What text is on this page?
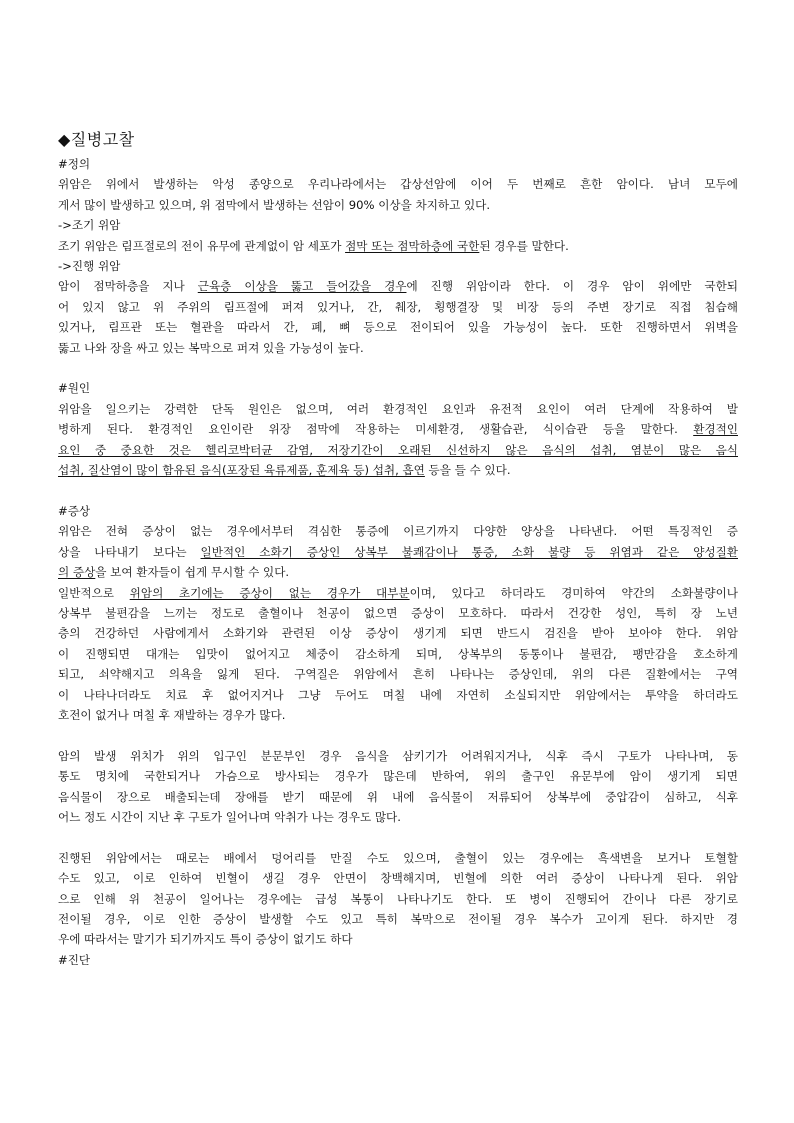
◆질병고찰
#정의
위암은 위에서 발생하는 악성 종양으로 우리나라에서는 갑상선암에 이어 두 번째로 흔한 암이다. 남녀 모두에
게서 많이 발생하고 있으며, 위 점막에서 발생하는 선암이 90% 이상을 차지하고 있다.
->조기 위암
조기 위암은 림프절로의 전이 유무에 관계없이 암 세포가 점막 또는 점막하층에 국한된 경우를 말한다.
->진행 위암
암이 점막하층을 지나 근육층 이상을 뚫고 들어갔을 경우에 진행 위암이라 한다. 이 경우 암이 위에만 국한되
어 있지 않고 위 주위의 림프절에 퍼져 있거나, 간, 췌장, 횡행결장 및 비장 등의 주변 장기로 직접 침습해
있거나, 림프관 또는 혈관을 따라서 간, 폐, 뼈 등으로 전이되어 있을 가능성이 높다. 또한 진행하면서 위벽을
뚫고 나와 장을 싸고 있는 복막으로 퍼져 있을 가능성이 높다.
#원인
위암을 일으키는 강력한 단독 원인은 없으며, 여러 환경적인 요인과 유전적 요인이 여러 단계에 작용하여 발
병하게 된다. 환경적인 요인이란 위장 점막에 작용하는 미세환경, 생활습관, 식이습관 등을 말한다. 환경적인
요인 중 중요한 것은 헬리코박터균 감염, 저장기간이 오래된 신선하지 않은 음식의 섭취, 염분이 많은 음식
섭취, 질산염이 많이 함유된 음식(포장된 육류제품, 훈제육 등) 섭취, 흡연 등을 들 수 있다.
#증상
위암은 전혀 증상이 없는 경우에서부터 격심한 통증에 이르기까지 다양한 양상을 나타낸다. 어떤 특징적인 증
상을 나타내기 보다는 일반적인 소화기 증상인 상복부 불쾌감이나 통증, 소화 불량 등 위염과 같은 양성질환
의 증상을 보여 환자들이 쉽게 무시할 수 있다.
일반적으로 위암의 초기에는 증상이 없는 경우가 대부분이며, 있다고 하더라도 경미하여 약간의 소화불량이나
상복부 불편감을 느끼는 정도로 출혈이나 천공이 없으면 증상이 모호하다. 따라서 건강한 성인, 특히 장 노년
층의 건강하던 사람에게서 소화기와 관련된 이상 증상이 생기게 되면 반드시 검진을 받아 보아야 한다. 위암
이 진행되면 대개는 입맛이 없어지고 체중이 감소하게 되며, 상복부의 동통이나 불편감, 팽만감을 호소하게
되고, 쇠약해지고 의욕을 잃게 된다. 구역질은 위암에서 흔히 나타나는 증상인데, 위의 다른 질환에서는 구역
이 나타나더라도 치료 후 없어지거나 그냥 두어도 며칠 내에 자연히 소실되지만 위암에서는 투약을 하더라도
호전이 없거나 며칠 후 재발하는 경우가 많다.
암의 발생 위치가 위의 입구인 분문부인 경우 음식을 삼키기가 어려워지거나, 식후 즉시 구토가 나타나며, 동
통도 명치에 국한되거나 가슴으로 방사되는 경우가 많은데 반하여, 위의 출구인 유문부에 암이 생기게 되면
음식물이 장으로 배출되는데 장애를 받기 때문에 위 내에 음식물이 저류되어 상복부에 중압감이 심하고, 식후
어느 정도 시간이 지난 후 구토가 일어나며 악취가 나는 경우도 많다.
진행된 위암에서는 때로는 배에서 덩어리를 만질 수도 있으며, 출혈이 있는 경우에는 흑색변을 보거나 토혈할
수도 있고, 이로 인하여 빈혈이 생길 경우 안면이 창백해지며, 빈혈에 의한 여러 증상이 나타나게 된다. 위암
으로 인해 위 천공이 일어나는 경우에는 급성 복통이 나타나기도 한다. 또 병이 진행되어 간이나 다른 장기로
전이될 경우, 이로 인한 증상이 발생할 수도 있고 특히 복막으로 전이될 경우 복수가 고이게 된다. 하지만 경
우에 따라서는 말기가 되기까지도 특이 증상이 없기도 하다
#진단
